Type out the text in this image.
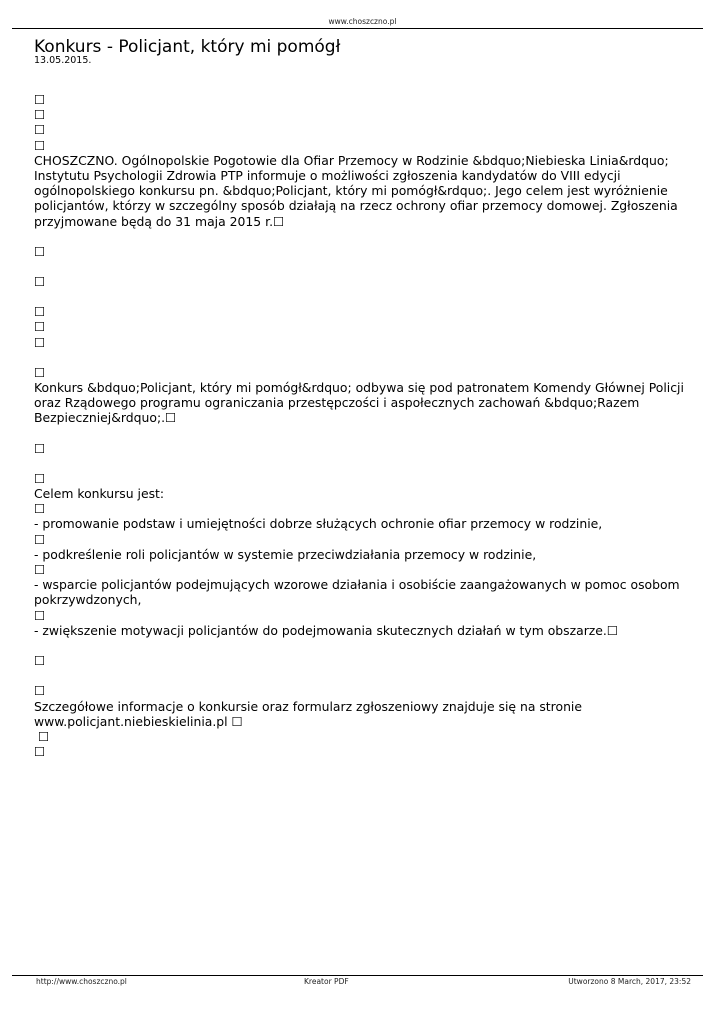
www.choszczno.pl
Konkurs - Policjant, który mi pomógł
13.05.2015.

☐

☐

☐

☐

CHOSZCZNO. Ogólnopolskie Pogotowie dla Ofiar Przemocy w Rodzinie &bdquo;Niebieska Linia&rdquo; Instytutu Psychologii Zdrowia PTP informuje o możliwości zgłoszenia kandydatów do VIII edycji ogólnopolskiego konkursu pn. &bdquo;Policjant, który mi pomógł&rdquo;. Jego celem jest wyróżnienie policjantów, którzy w szczególny sposób działają na rzecz ochrony ofiar przemocy domowej. Zgłoszenia przyjmowane będą do 31 maja 2015 r.☐

☐

☐

☐

☐

☐

☐

Konkurs &bdquo;Policjant, który mi pomógł&rdquo; odbywa się pod patronatem Komendy Głównej Policji oraz Rządowego programu ograniczania przestępczości i aspołecznych zachowań &bdquo;Razem Bezpieczniej&rdquo;.☐

☐

☐

Celem konkursu jest:

☐

- promowanie podstaw i umiejętności dobrze służących ochronie ofiar przemocy w rodzinie,

☐

- podkreślenie roli policjantów w systemie przeciwdziałania przemocy w rodzinie,

☐

- wsparcie policjantów podejmujących wzorowe działania i osobiście zaangażowanych w pomoc osobom pokrzywdzonych,

☐

- zwiększenie motywacji policjantów do podejmowania skutecznych działań w tym obszarze.☐

☐

☐

Szczegółowe informacje o konkursie oraz formularz zgłoszeniowy znajduje się na stronie www.policjant.niebieskielinia.pl ☐

☐

☐

http://www.choszczno.pl	Kreator PDF	Utworzono 8 March, 2017, 23:52
